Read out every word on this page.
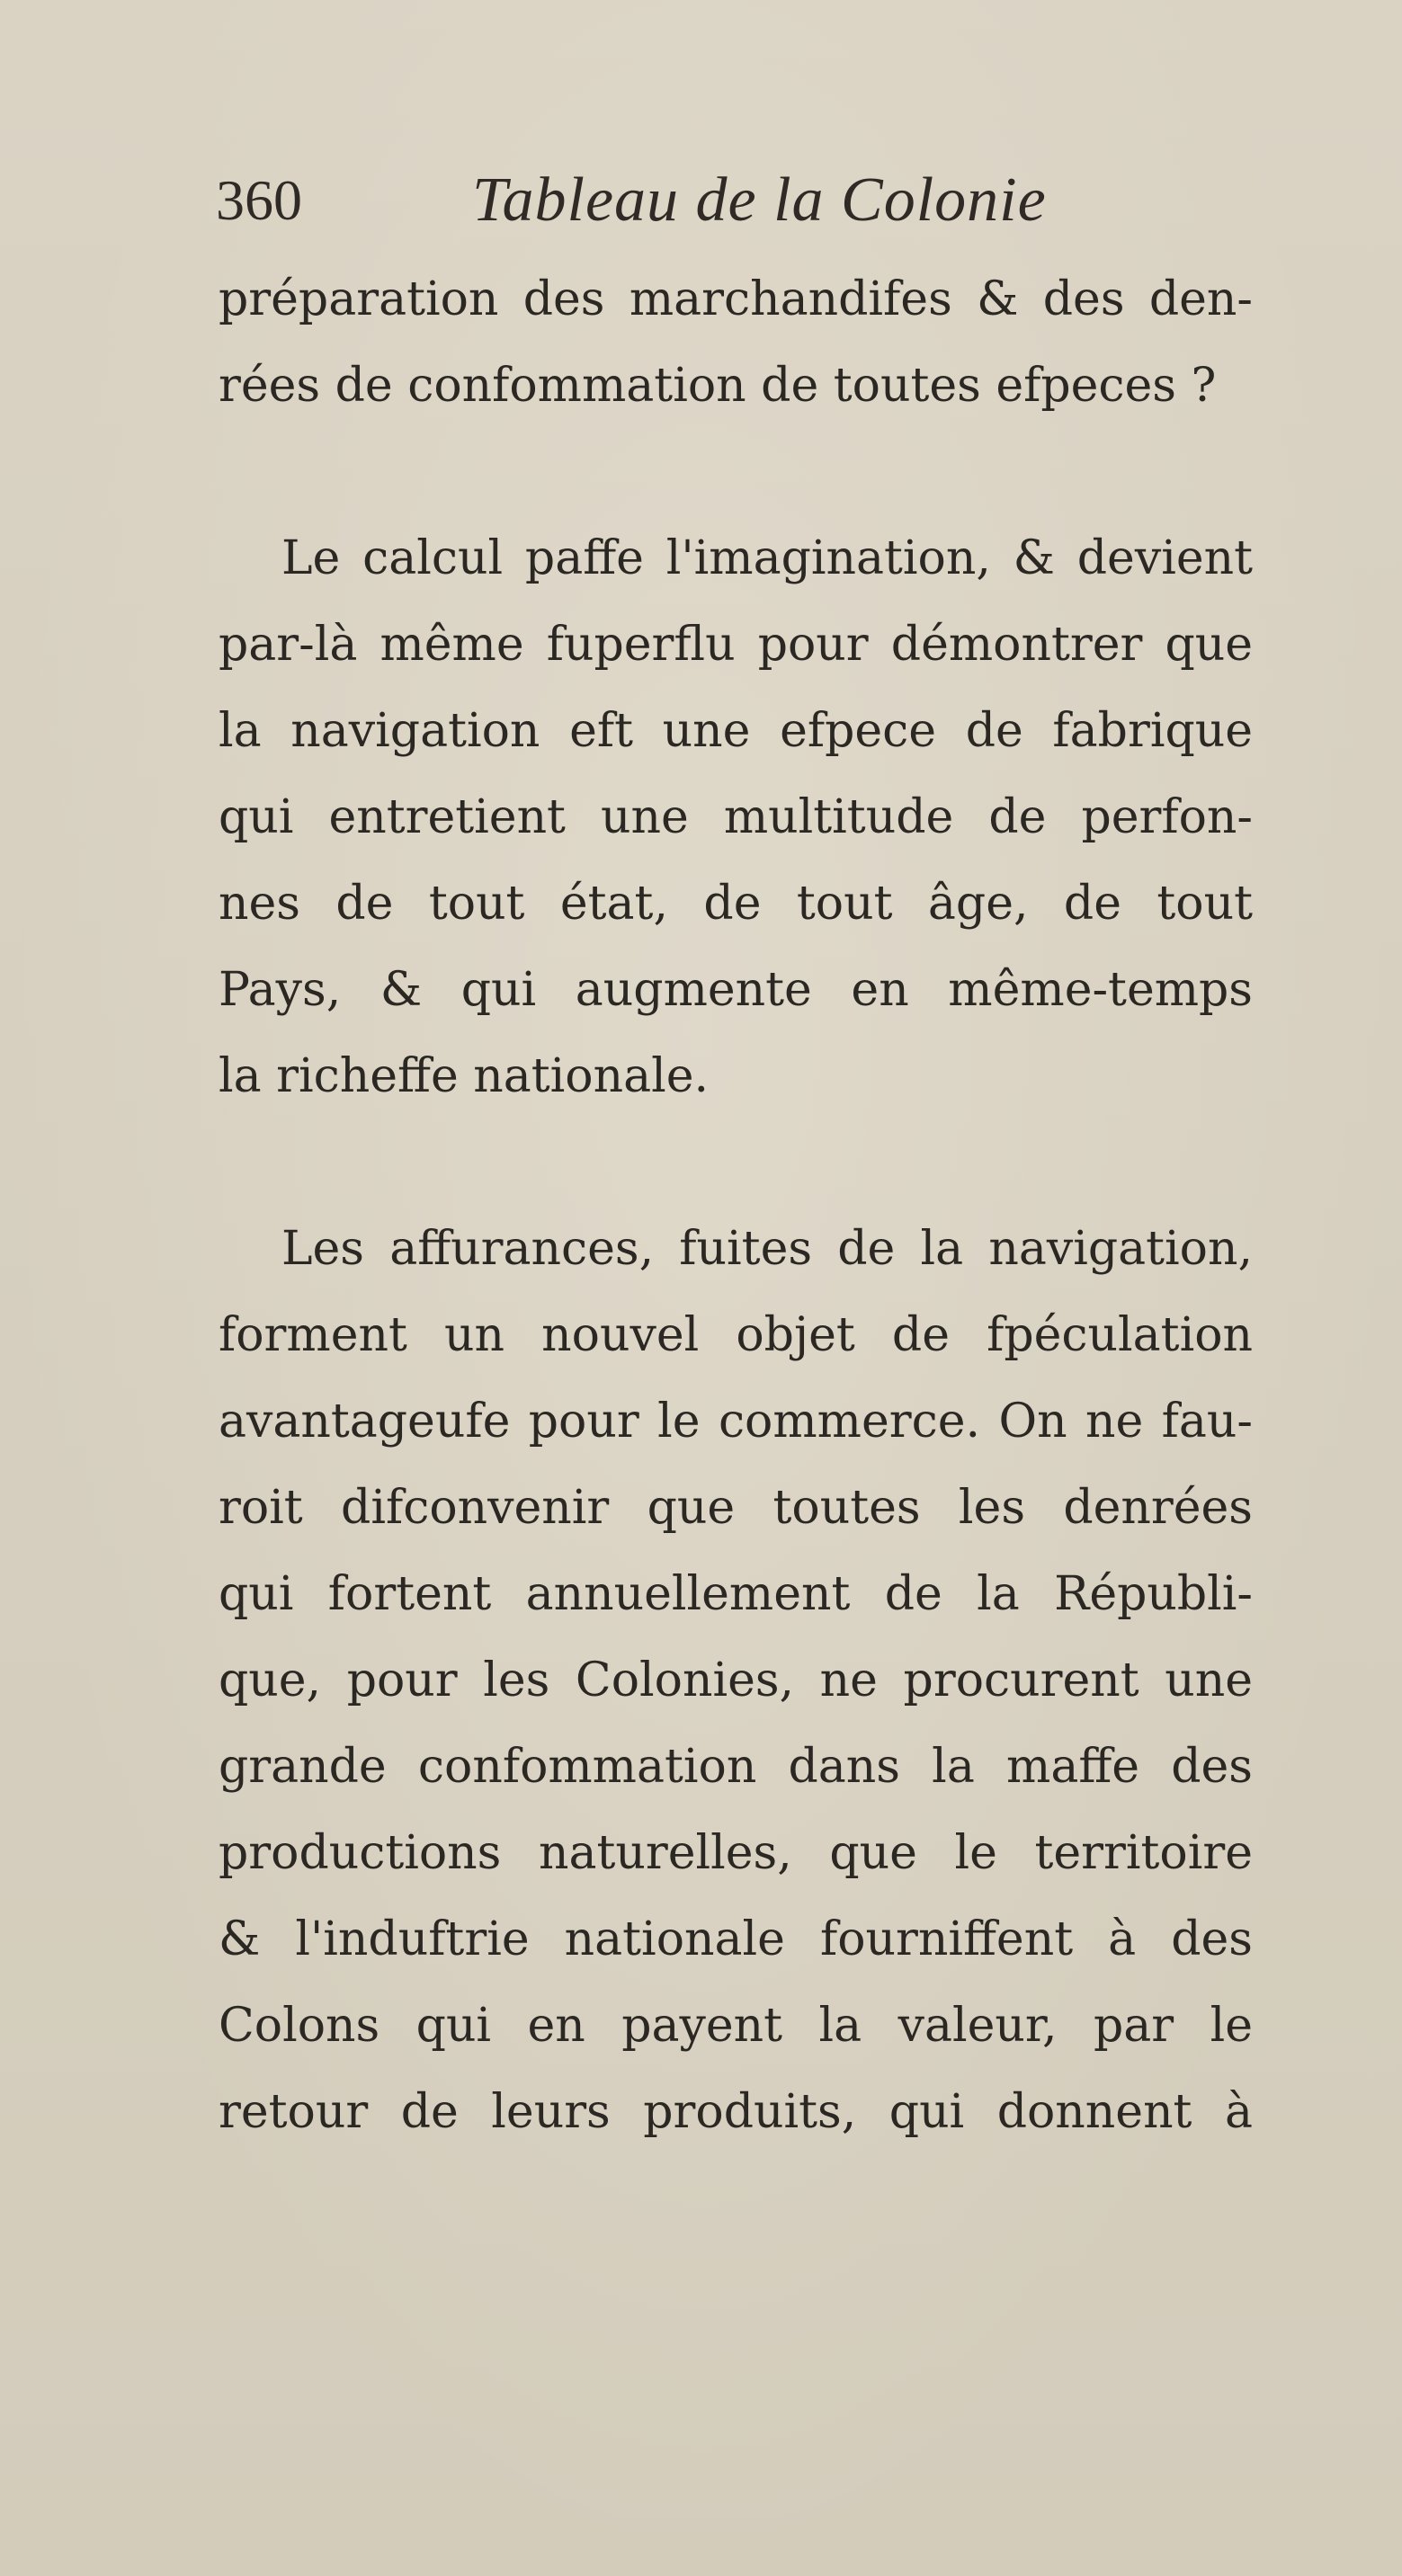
360	Tableau de la Colonie
préparation des marchandifes & des den-
rées de confommation de toutes efpeces ?
Le calcul paffe l'imagination, & devient
par-là même fuperflu pour démontrer que
la navigation eft une efpece de fabrique
qui entretient une multitude de perfon-
nes de tout état, de tout âge, de tout
Pays, & qui augmente en même-temps
la richeffe nationale.
Les affurances, fuites de la navigation,
forment un nouvel objet de fpéculation
avantageufe pour le commerce. On ne fau-
roit difconvenir que toutes les denrées
qui fortent annuellement de la Républi-
que, pour les Colonies, ne procurent une
grande confommation dans la maffe des
productions naturelles, que le territoire
& l'induftrie nationale fourniffent à des
Colons qui en payent la valeur, par le
retour de leurs produits, qui donnent à
